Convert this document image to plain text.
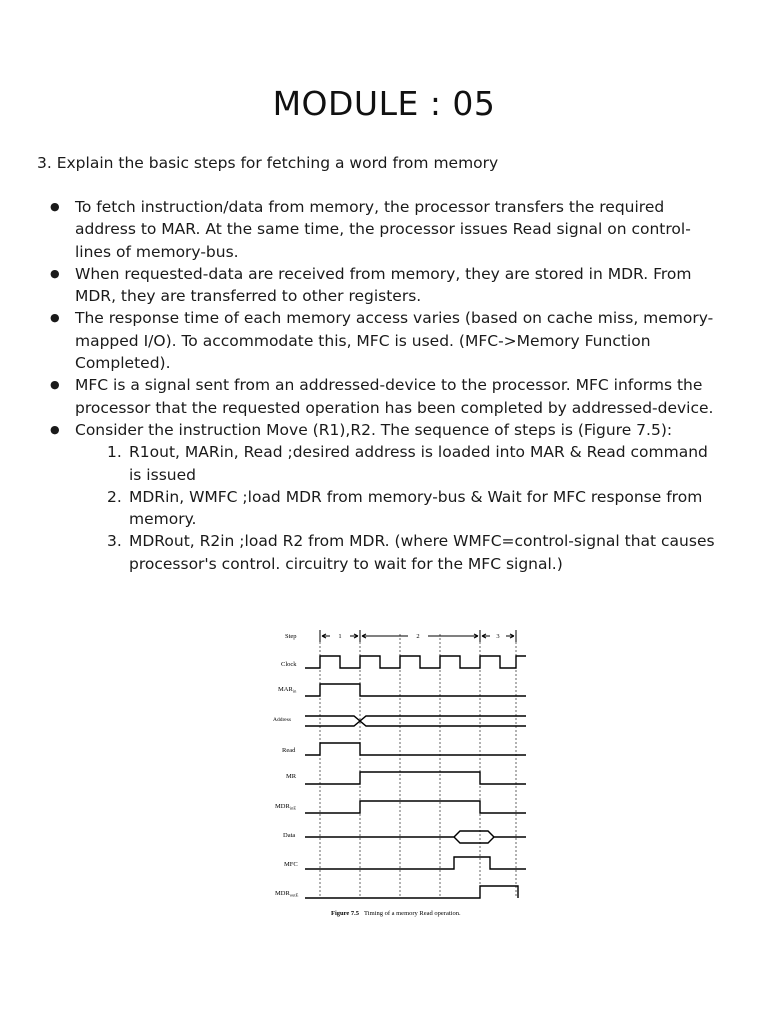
MODULE : 05
3. Explain the basic steps for fetching a word from memory
● To fetch instruction/data from memory, the processor transfers the required address to MAR. At the same time, the processor issues Read signal on control-lines of memory-bus.
● When requested-data are received from memory, they are stored in MDR. From MDR, they are transferred to other registers.
● The response time of each memory access varies (based on cache miss, memory-mapped I/O). To accommodate this, MFC is used. (MFC->Memory Function Completed).
● MFC is a signal sent from an addressed-device to the processor. MFC informs the processor that the requested operation has been completed by addressed-device.
● Consider the instruction Move (R1),R2. The sequence of steps is (Figure 7.5):
1. R1out, MARin, Read ;desired address is loaded into MAR & Read command is issued
2. MDRin, WMFC ;load MDR from memory-bus & Wait for MFC response from memory.
3. MDRout, R2in ;load R2 from MDR. (where WMFC=control-signal that causes processor's control. circuitry to wait for the MFC signal.)
Step
Clock
$MAR_{in}$
Address
Read
MR
$MDR_{inE}$
Data
MFC
$MDR_{outE}$
1	2	3
Figure 7.5 Timing of a memory Read operation.
